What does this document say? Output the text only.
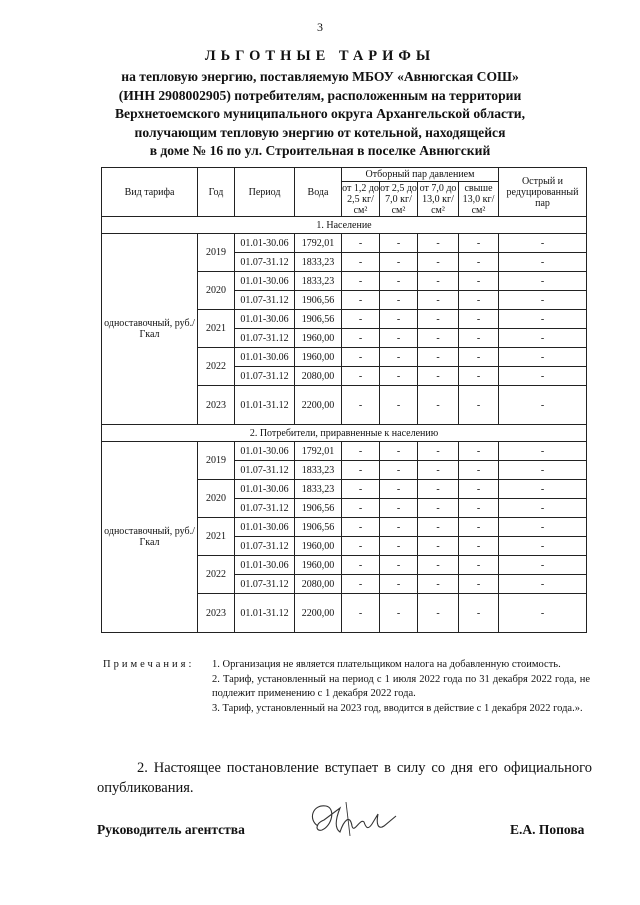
3
ЛЬГОТНЫЕ ТАРИФЫ
на тепловую энергию, поставляемую МБОУ «Авнюгская СОШ»
(ИНН 2908002905) потребителям, расположенным на территории
Верхнетоемского муниципального округа Архангельской области,
получающим тепловую энергию от котельной, находящейся
в доме № 16 по ул. Строительная в поселке Авнюгский
Вид тарифа	Год	Период	Вода	Отборный пар давлением				Острый и редуцированный пар
				от 1,2 до 2,5 кг/см²	от 2,5 до 7,0 кг/см²	от 7,0 до 13,0 кг/см²	свыше 13,0 кг/см²	
1. Население								
одноставочный, руб./Гкал	2019	01.01-30.06	1792,01	-	-	-	-	-
		01.07-31.12	1833,23	-	-	-	-	-
	2020	01.01-30.06	1833,23	-	-	-	-	-
		01.07-31.12	1906,56	-	-	-	-	-
	2021	01.01-30.06	1906,56	-	-	-	-	-
		01.07-31.12	1960,00	-	-	-	-	-
	2022	01.01-30.06	1960,00	-	-	-	-	-
		01.07-31.12	2080,00	-	-	-	-	-
	2023	01.01-31.12	2200,00	-	-	-	-	-
2. Потребители, приравненные к населению								
одноставочный, руб./Гкал	2019	01.01-30.06	1792,01	-	-	-	-	-
		01.07-31.12	1833,23	-	-	-	-	-
	2020	01.01-30.06	1833,23	-	-	-	-	-
		01.07-31.12	1906,56	-	-	-	-	-
	2021	01.01-30.06	1906,56	-	-	-	-	-
		01.07-31.12	1960,00	-	-	-	-	-
	2022	01.01-30.06	1960,00	-	-	-	-	-
		01.07-31.12	2080,00	-	-	-	-	-
	2023	01.01-31.12	2200,00	-	-	-	-	-
Примечания: 1. Организация не является плательщиком налога на добавленную стоимость.
2. Тариф, установленный на период с 1 июля 2022 года по 31 декабря 2022 года, не подлежит применению с 1 декабря 2022 года.
3. Тариф, установленный на 2023 год, вводится в действие с 1 декабря 2022 года.».
2. Настоящее постановление вступает в силу со дня его официального опубликования.
Руководитель агентства	Е.А. Попова
